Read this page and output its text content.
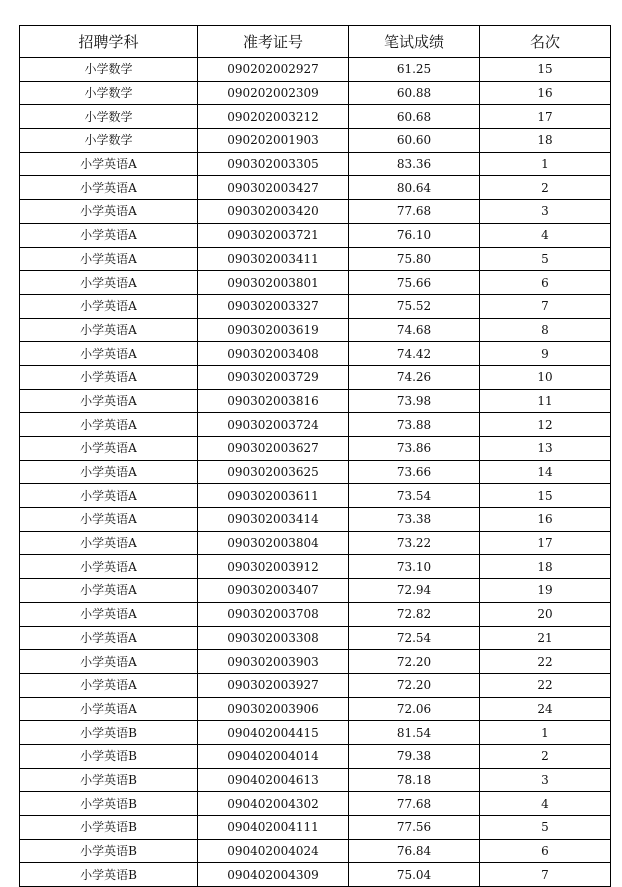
招聘学科	准考证号	笔试成绩	名次
小学数学	090202002927	61.25	15
小学数学	090202002309	60.88	16
小学数学	090202003212	60.68	17
小学数学	090202001903	60.60	18
小学英语A	090302003305	83.36	1
小学英语A	090302003427	80.64	2
小学英语A	090302003420	77.68	3
小学英语A	090302003721	76.10	4
小学英语A	090302003411	75.80	5
小学英语A	090302003801	75.66	6
小学英语A	090302003327	75.52	7
小学英语A	090302003619	74.68	8
小学英语A	090302003408	74.42	9
小学英语A	090302003729	74.26	10
小学英语A	090302003816	73.98	11
小学英语A	090302003724	73.88	12
小学英语A	090302003627	73.86	13
小学英语A	090302003625	73.66	14
小学英语A	090302003611	73.54	15
小学英语A	090302003414	73.38	16
小学英语A	090302003804	73.22	17
小学英语A	090302003912	73.10	18
小学英语A	090302003407	72.94	19
小学英语A	090302003708	72.82	20
小学英语A	090302003308	72.54	21
小学英语A	090302003903	72.20	22
小学英语A	090302003927	72.20	22
小学英语A	090302003906	72.06	24
小学英语B	090402004415	81.54	1
小学英语B	090402004014	79.38	2
小学英语B	090402004613	78.18	3
小学英语B	090402004302	77.68	4
小学英语B	090402004111	77.56	5
小学英语B	090402004024	76.84	6
小学英语B	090402004309	75.04	7
